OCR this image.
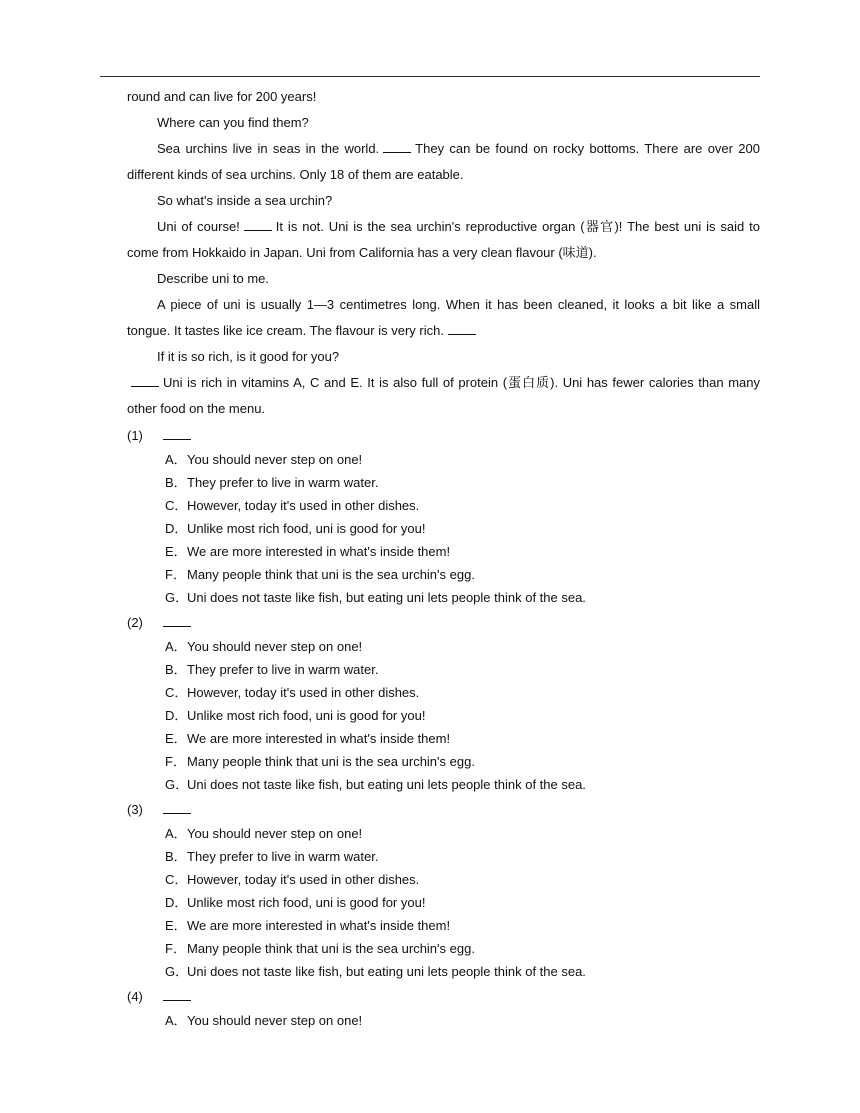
round and can live for 200 years!

Where can you find them?

Sea urchins live in seas in the world.	They can be found on rocky bottoms. There are over 200 different kinds of sea urchins. Only 18 of them are eatable.

So what's inside a sea urchin?

Uni of course!	It is not. Uni is the sea urchin's reproductive organ (器官)! The best uni is said to come from Hokkaido in Japan. Uni from California has a very clean flavour (味道).

Describe uni to me.

A piece of uni is usually 1—3 centimetres long. When it has been cleaned, it looks a bit like a small tongue. It tastes like ice cream. The flavour is very rich.

If it is so rich, is it good for you?

Uni is rich in vitamins A, C and E. It is also full of protein (蛋白质). Uni has fewer calories than many other food on the menu.

(1)
A．You should never step on one!
B．They prefer to live in warm water.
C．However, today it's used in other dishes.
D．Unlike most rich food, uni is good for you!
E．We are more interested in what's inside them!
F．Many people think that uni is the sea urchin's egg.
G．Uni does not taste like fish, but eating uni lets people think of the sea.
(2)
A．You should never step on one!
B．They prefer to live in warm water.
C．However, today it's used in other dishes.
D．Unlike most rich food, uni is good for you!
E．We are more interested in what's inside them!
F．Many people think that uni is the sea urchin's egg.
G．Uni does not taste like fish, but eating uni lets people think of the sea.
(3)
A．You should never step on one!
B．They prefer to live in warm water.
C．However, today it's used in other dishes.
D．Unlike most rich food, uni is good for you!
E．We are more interested in what's inside them!
F．Many people think that uni is the sea urchin's egg.
G．Uni does not taste like fish, but eating uni lets people think of the sea.
(4)
A．You should never step on one!
